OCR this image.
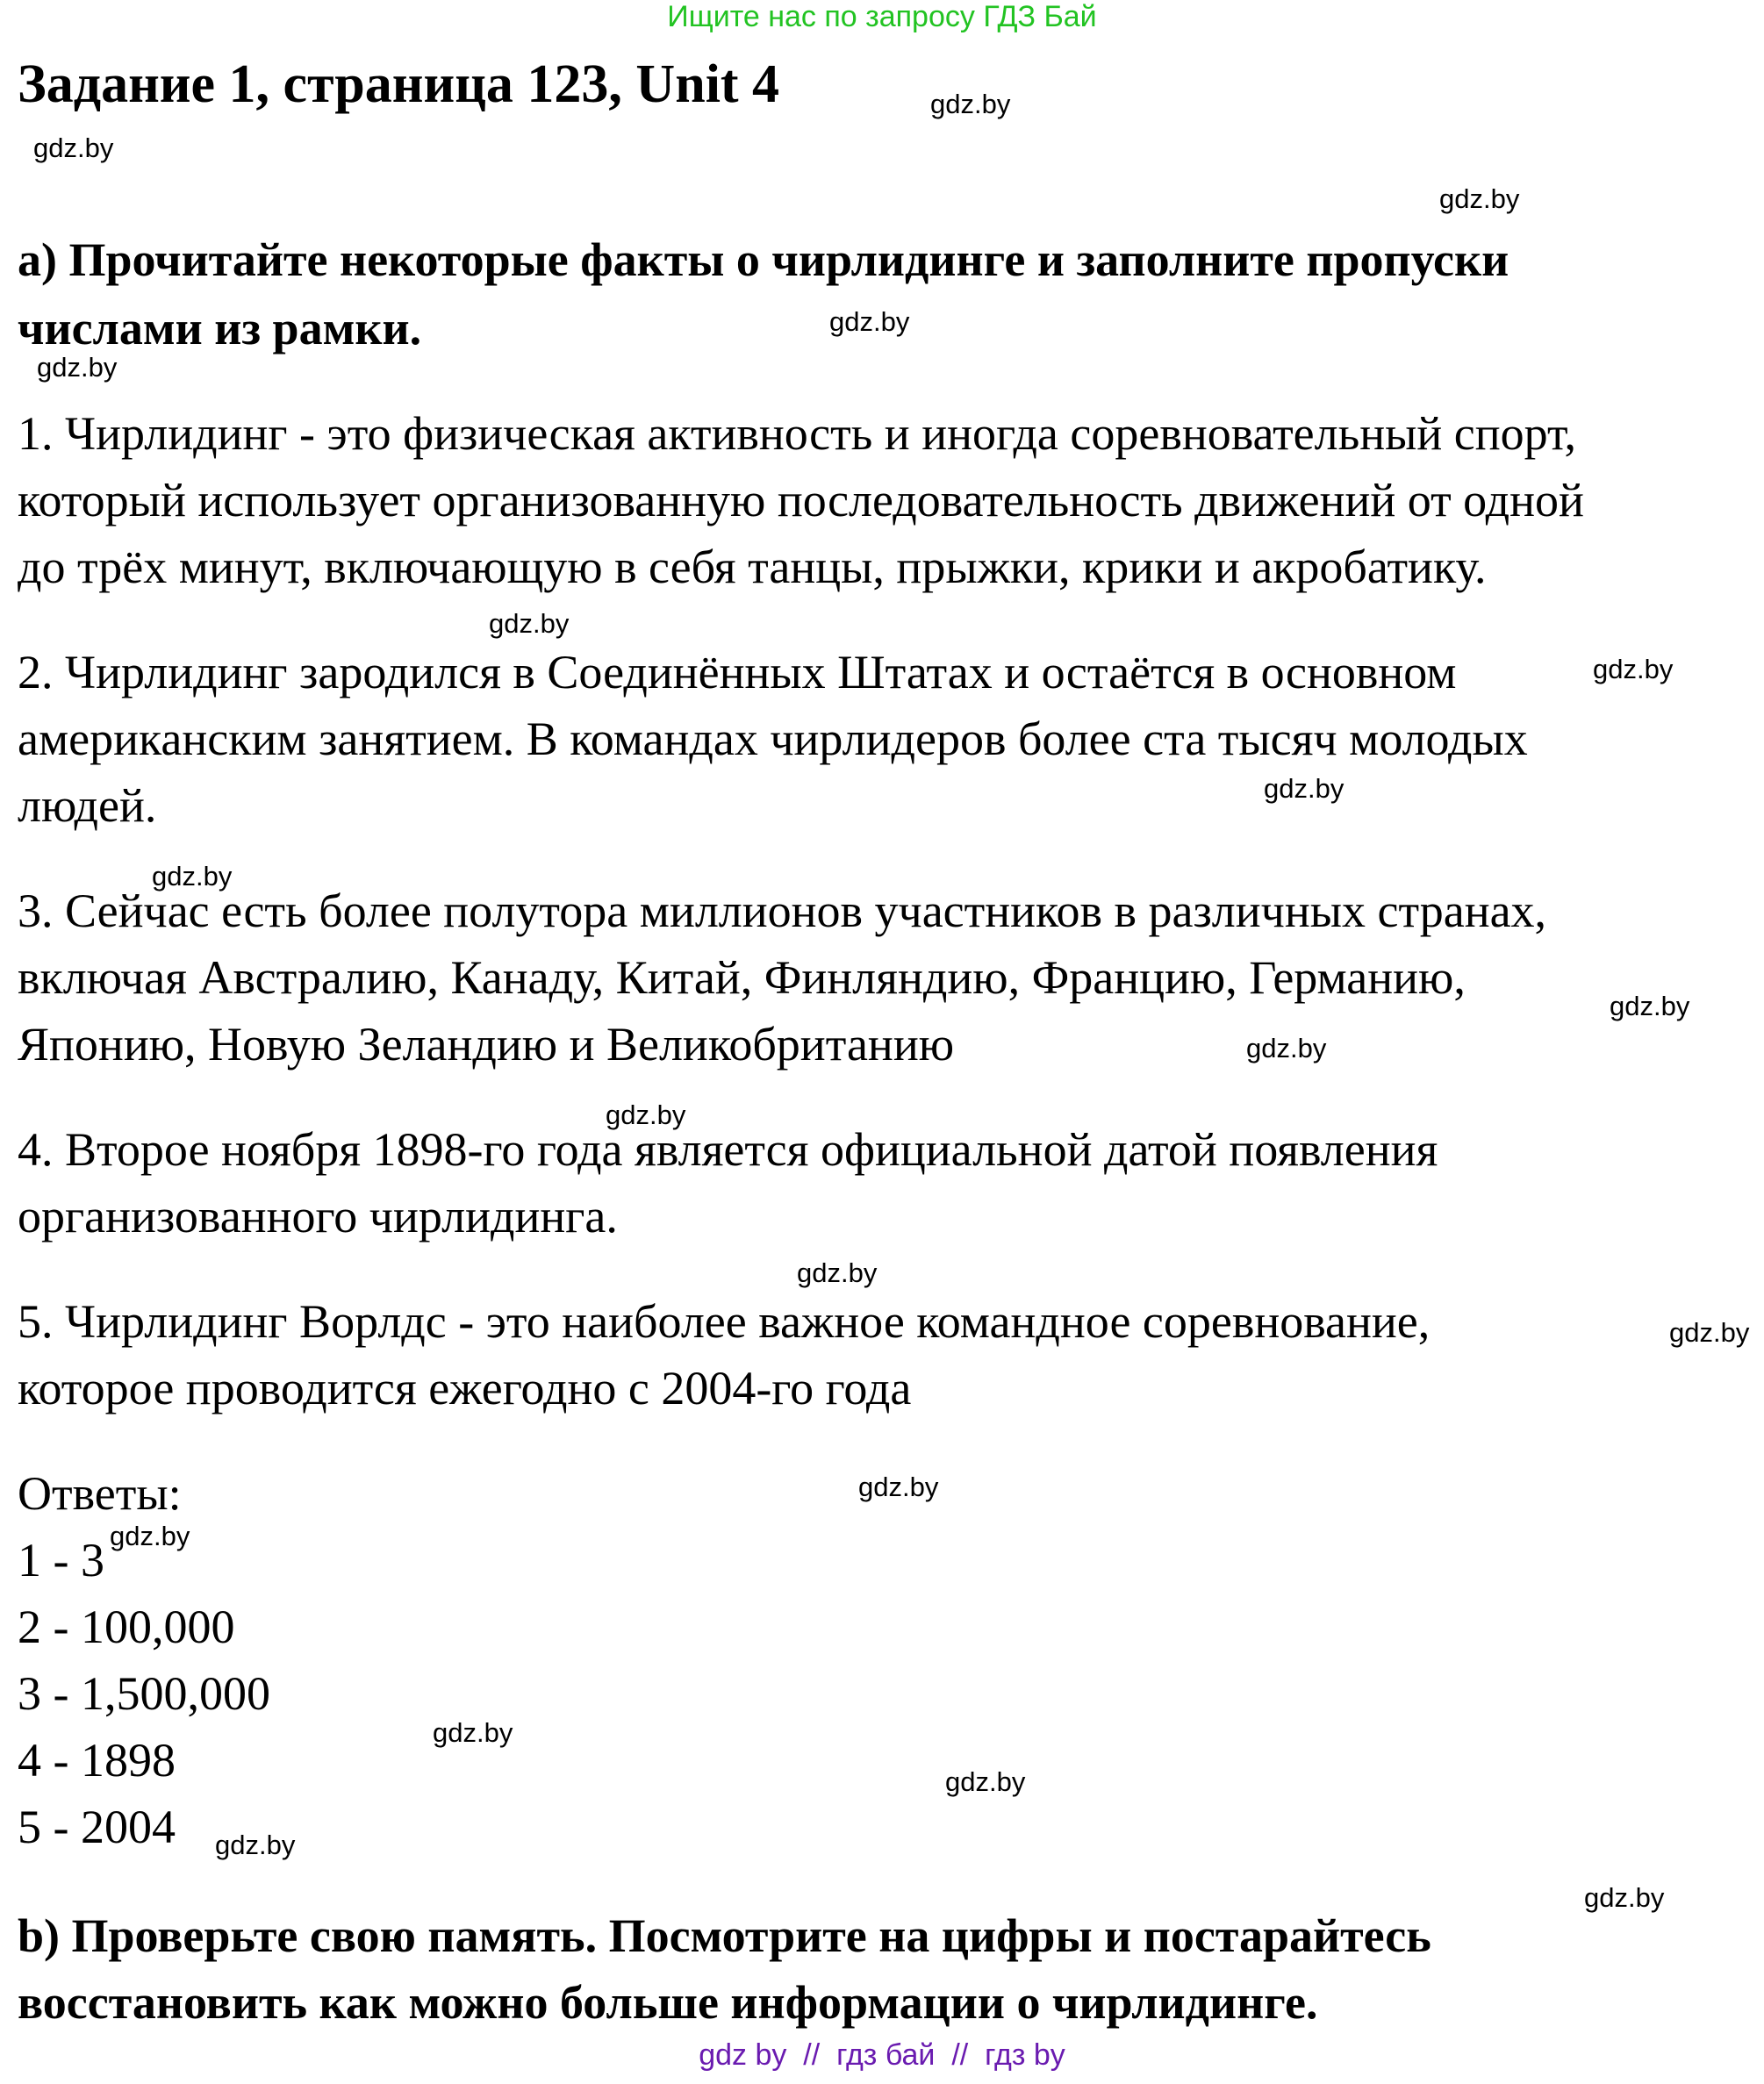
Ищите нас по запросу ГДЗ Бай
Задание 1, страница 123, Unit 4
a) Прочитайте некоторые факты о чирлидинге и заполните пропуски
числами из рамки.
1. Чирлидинг - это физическая активность и иногда соревновательный спорт,
который использует организованную последовательность движений от одной
до трёх минут, включающую в себя танцы, прыжки, крики и акробатику.
2. Чирлидинг зародился в Соединённых Штатах и остаётся в основном
американским занятием. В командах чирлидеров более ста тысяч молодых
людей.
3. Сейчас есть более полутора миллионов участников в различных странах,
включая Австралию, Канаду, Китай, Финляндию, Францию, Германию,
Японию, Новую Зеландию и Великобританию
4. Второе ноября 1898-го года является официальной датой появления
организованного чирлидинга.
5. Чирлидинг Ворлдс - это наиболее важное командное соревнование,
которое проводится ежегодно с 2004-го года
Ответы:
1 - 3
2 - 100,000
3 - 1,500,000
4 - 1898
5 - 2004
b) Проверьте свою память. Посмотрите на цифры и постарайтесь
восстановить как можно больше информации о чирлидинге.
gdz.by
gdz.by
gdz.by
gdz.by
gdz.by
gdz.by
gdz.by
gdz.by
gdz.by
gdz.by
gdz.by
gdz.by
gdz.by
gdz.by
gdz.by
gdz.by
gdz.by
gdz.by
gdz.by
gdz.by
gdz by  //  гдз бай  //  гдз by
